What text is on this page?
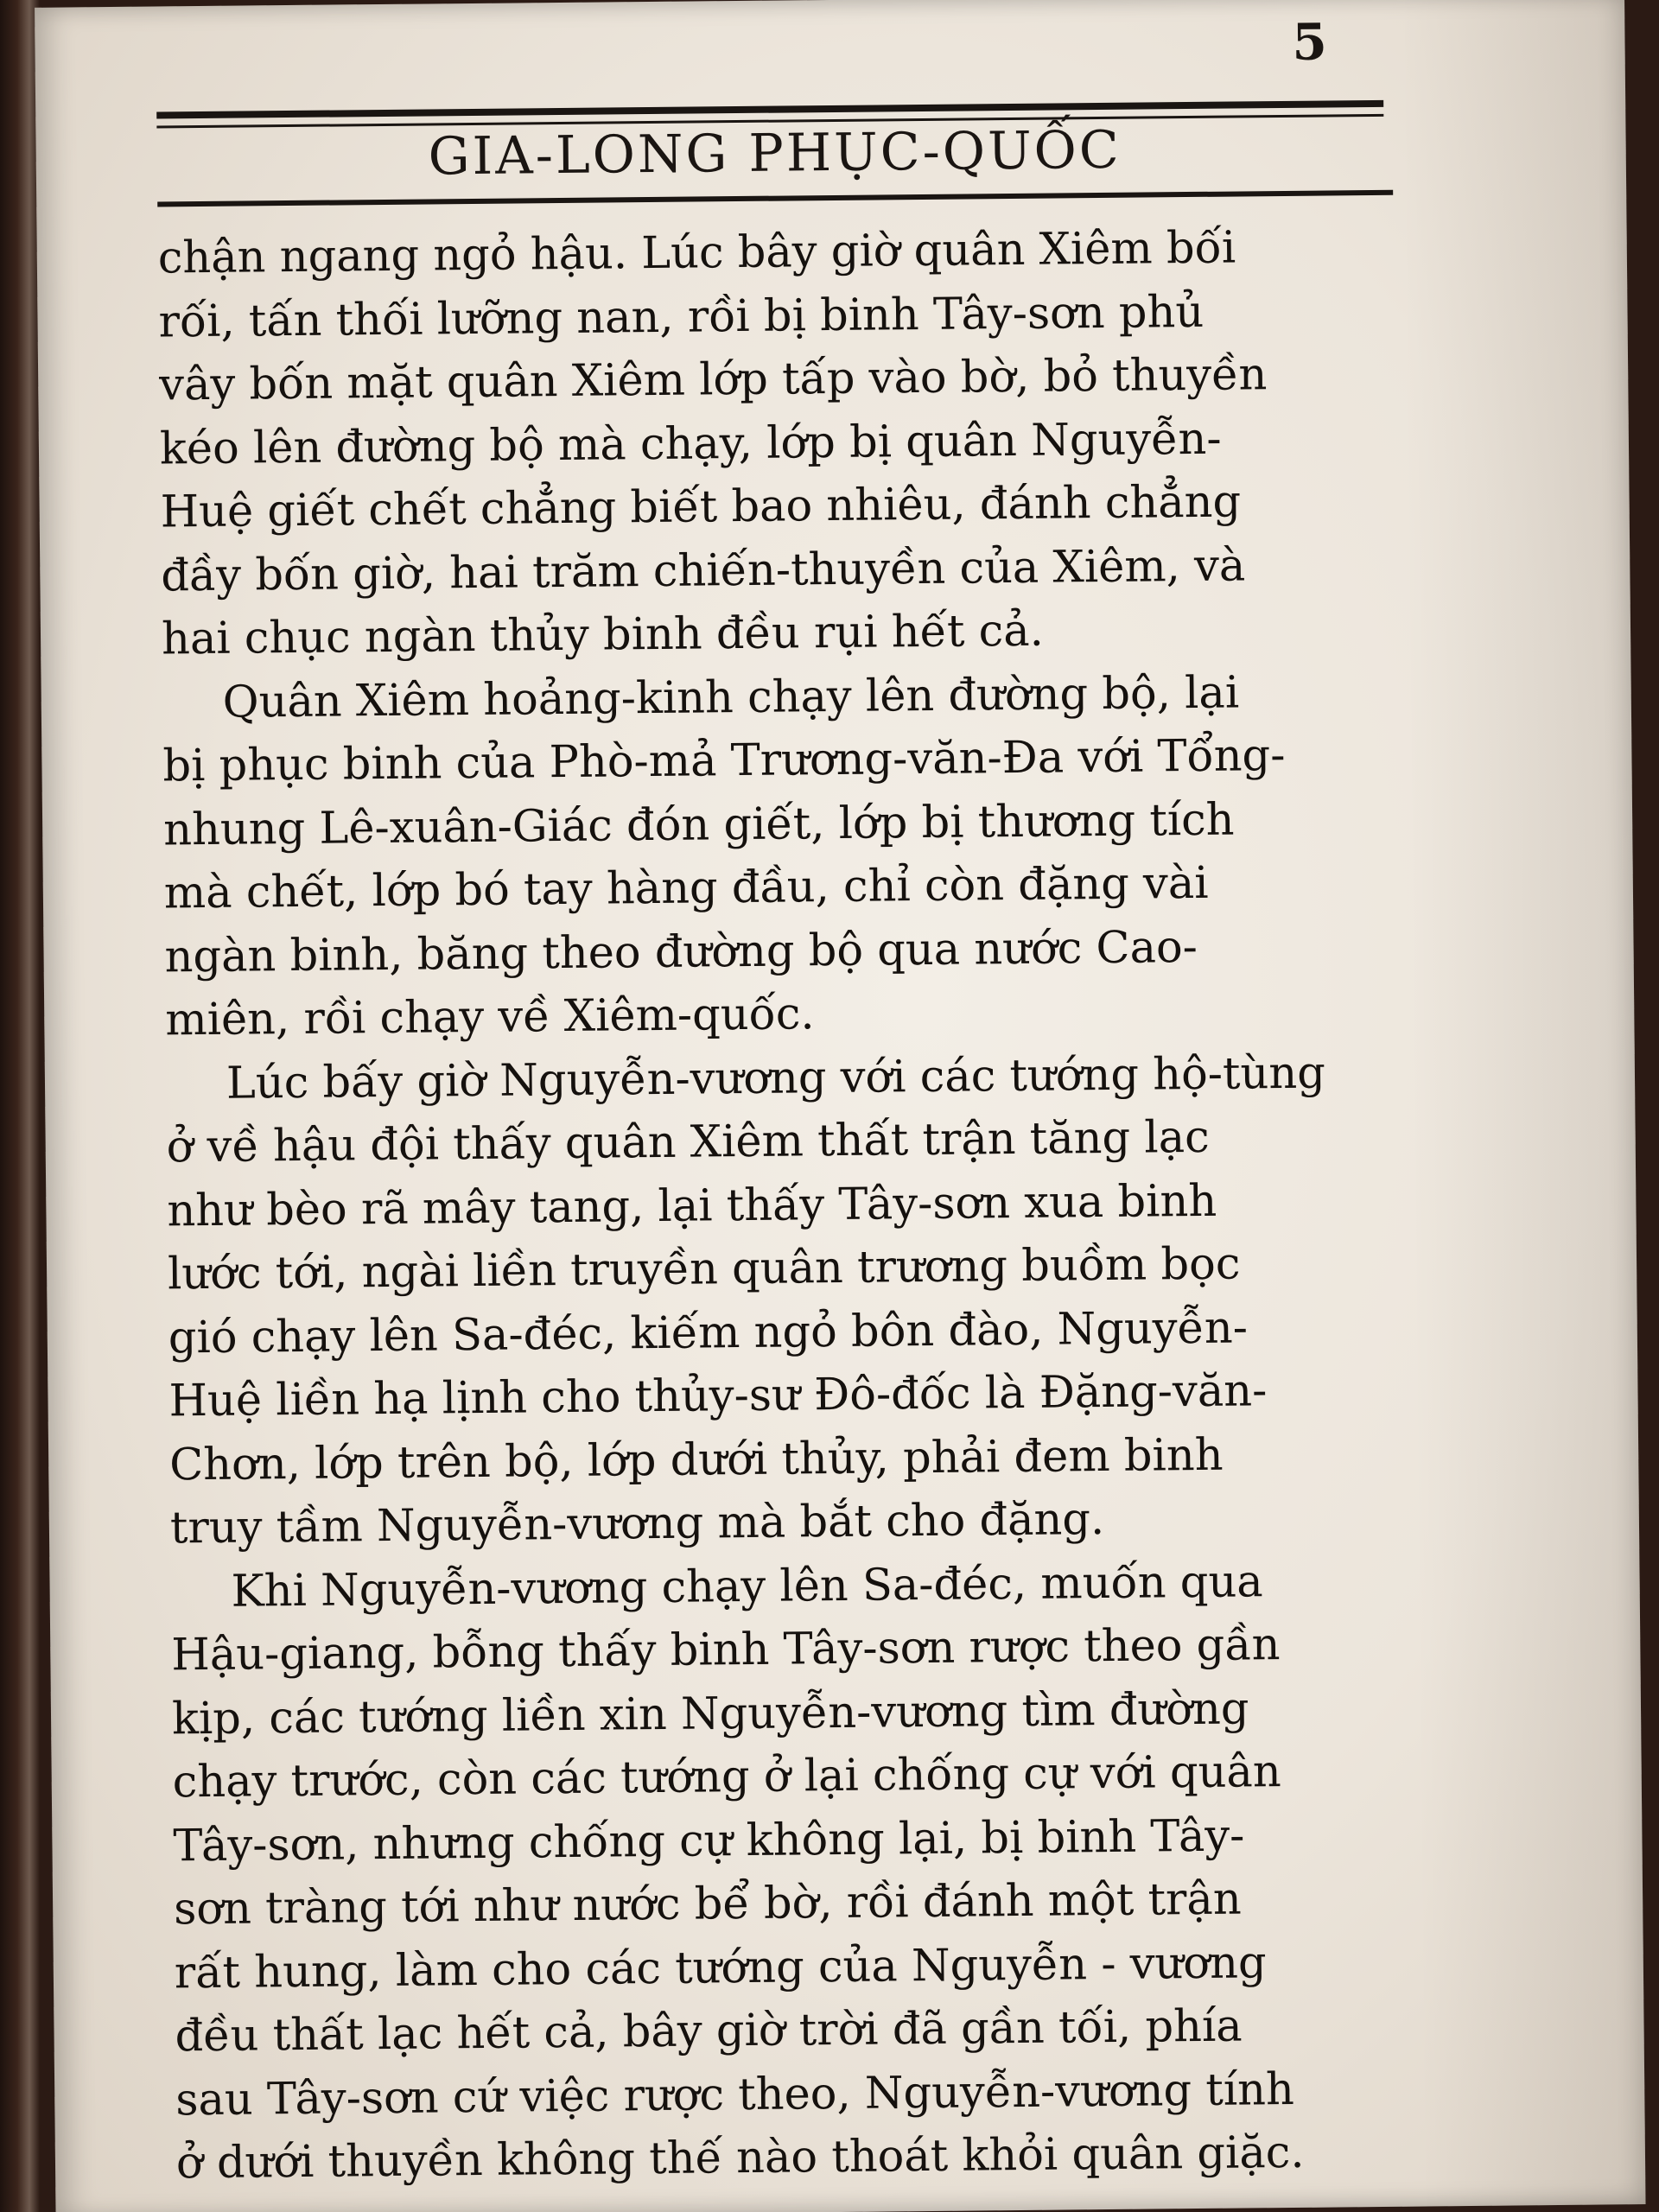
5
GIA-LONG PHỤC-QUỐC
chận ngang ngỏ hậu. Lúc bây giờ quân Xiêm bối
rối, tấn thối lưỡng nan, rồi bị binh Tây-sơn phủ
vây bốn mặt quân Xiêm lớp tấp vào bờ, bỏ thuyền
kéo lên đường bộ mà chạy, lớp bị quân Nguyễn-
Huệ giết chết chẳng biết bao nhiêu, đánh chẳng
đầy bốn giờ, hai trăm chiến-thuyền của Xiêm, và
hai chục ngàn thủy binh đều rụi hết cả.
Quân Xiêm hoảng-kinh chạy lên đường bộ, lại
bị phục binh của Phò-mả Trương-văn-Đa với Tổng-
nhung Lê-xuân-Giác đón giết, lớp bị thương tích
mà chết, lớp bó tay hàng đầu, chỉ còn đặng vài
ngàn binh, băng theo đường bộ qua nước Cao-
miên, rồi chạy về Xiêm-quốc.
Lúc bấy giờ Nguyễn-vương với các tướng hộ-tùng
ở về hậu đội thấy quân Xiêm thất trận tăng lạc
như bèo rã mây tang, lại thấy Tây-sơn xua binh
lước tới, ngài liền truyền quân trương buồm bọc
gió chạy lên Sa-đéc, kiếm ngỏ bôn đào, Nguyễn-
Huệ liền hạ lịnh cho thủy-sư Đô-đốc là Đặng-văn-
Chơn, lớp trên bộ, lớp dưới thủy, phải đem binh
truy tầm Nguyễn-vương mà bắt cho đặng.
Khi Nguyễn-vương chạy lên Sa-đéc, muốn qua
Hậu-giang, bỗng thấy binh Tây-sơn rược theo gần
kịp, các tướng liền xin Nguyễn-vương tìm đường
chạy trước, còn các tướng ở lại chống cự với quân
Tây-sơn, nhưng chống cự không lại, bị binh Tây-
sơn tràng tới như nước bể bờ, rồi đánh một trận
rất hung, làm cho các tướng của Nguyễn - vương
đều thất lạc hết cả, bây giờ trời đã gần tối, phía
sau Tây-sơn cứ việc rược theo, Nguyễn-vương tính
ở dưới thuyền không thế nào thoát khỏi quân giặc.
